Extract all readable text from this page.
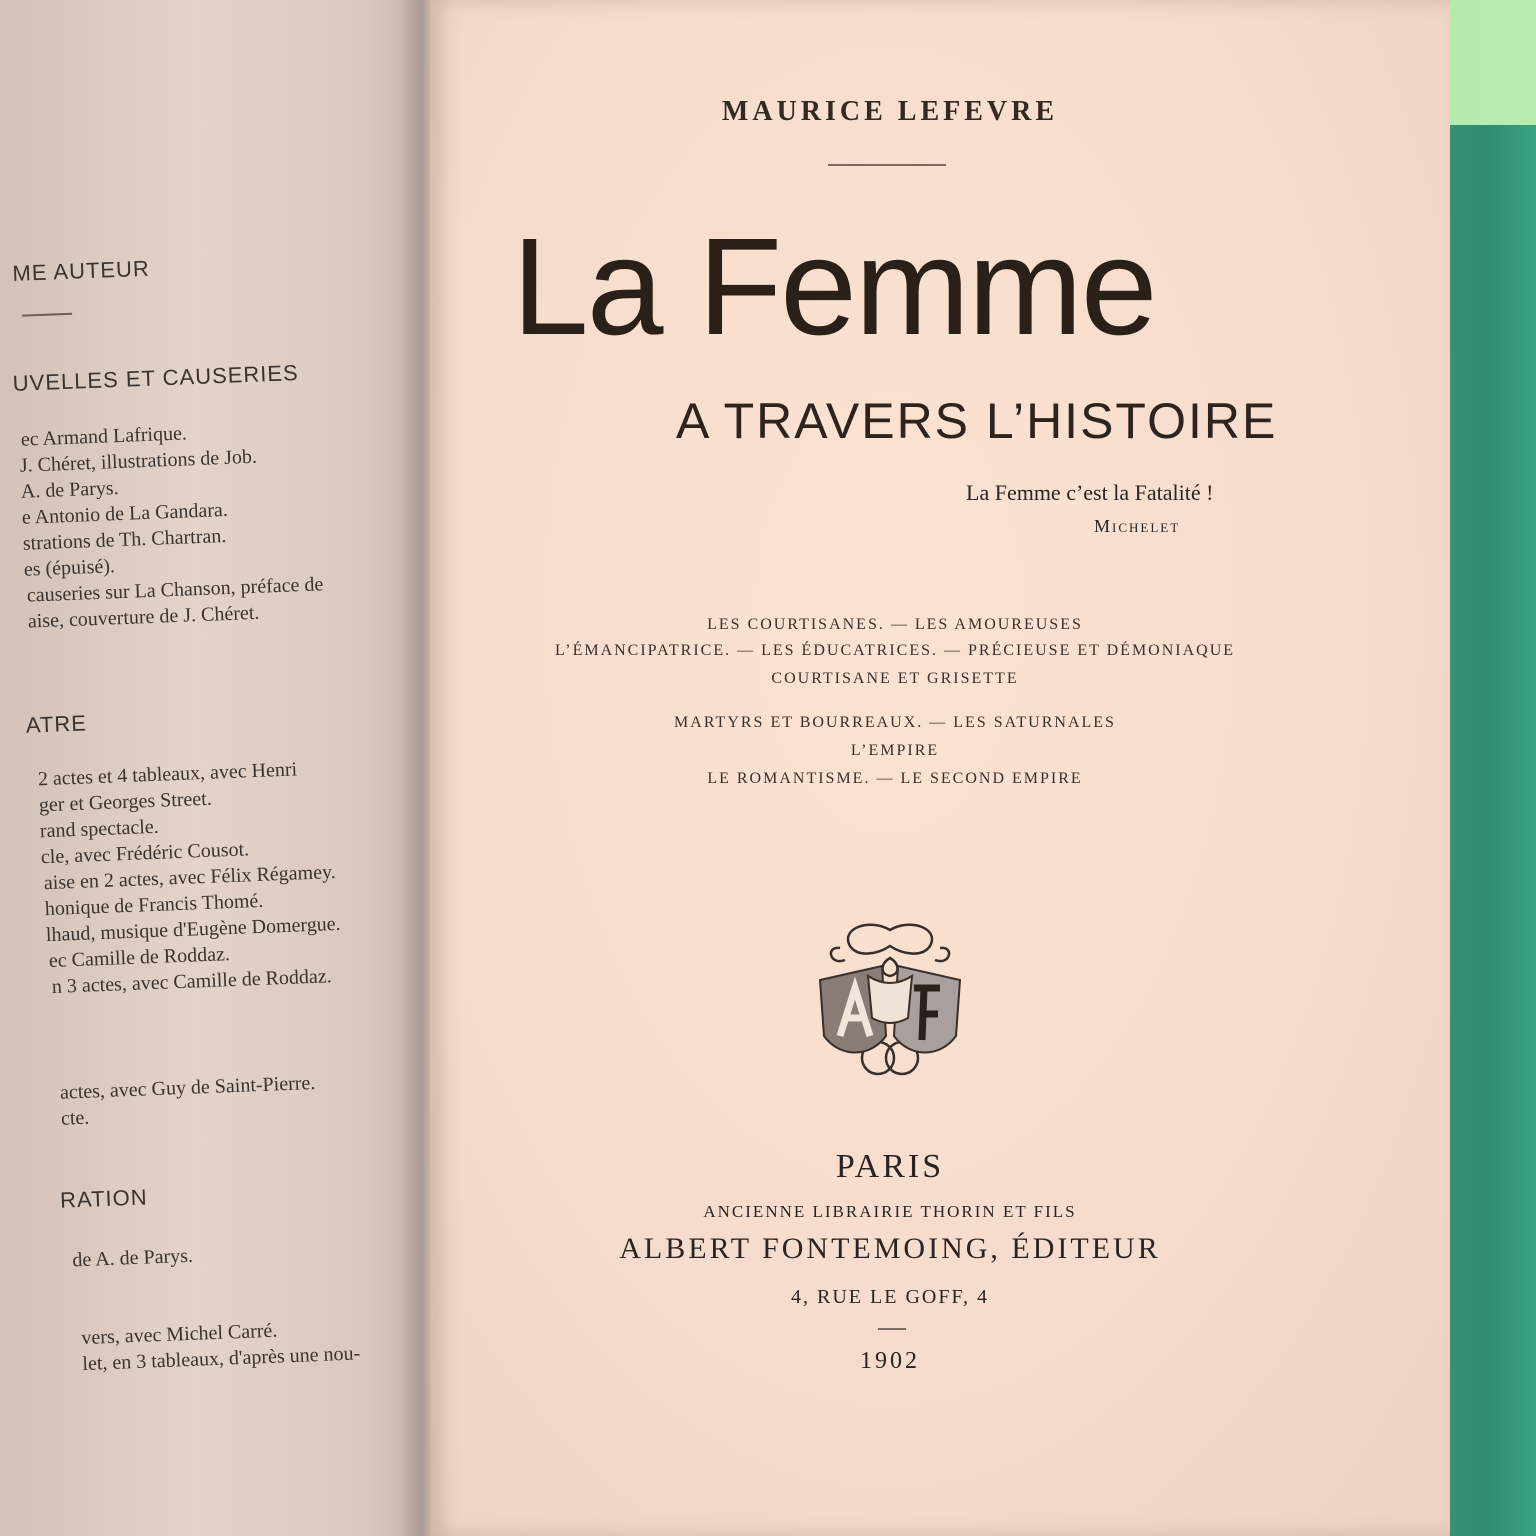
ME AUTEUR
UVELLES ET CAUSERIES
ec Armand Lafrique.
J. Chéret, illustrations de Job.
A. de Parys.
e Antonio de La Gandara.
strations de Th. Chartran.
es (épuisé).
causeries sur La Chanson, préface de
aise, couverture de J. Chéret.
ATRE
2 actes et 4 tableaux, avec Henri
ger et Georges Street.
rand spectacle.
cle, avec Frédéric Cousot.
aise en 2 actes, avec Félix Régamey.
honique de Francis Thomé.
lhaud, musique d'Eugène Domergue.
ec Camille de Roddaz.
n 3 actes, avec Camille de Roddaz.
actes, avec Guy de Saint-Pierre.
cte.
RATION
de A. de Parys.
vers, avec Michel Carré.
let, en 3 tableaux, d'après une nou-
MAURICE LEFEVRE
La Femme
A TRAVERS L’HISTOIRE
La Femme c’est la Fatalité !
Michelet
LES COURTISANES. — LES AMOUREUSES
L’ÉMANCIPATRICE. — LES ÉDUCATRICES. — PRÉCIEUSE ET DÉMONIAQUE
COURTISANE ET GRISETTE
MARTYRS ET BOURREAUX. — LES SATURNALES
L’EMPIRE
LE ROMANTISME. — LE SECOND EMPIRE
PARIS
ANCIENNE LIBRAIRIE THORIN ET FILS
ALBERT FONTEMOING, ÉDITEUR
4, RUE LE GOFF, 4
1902
